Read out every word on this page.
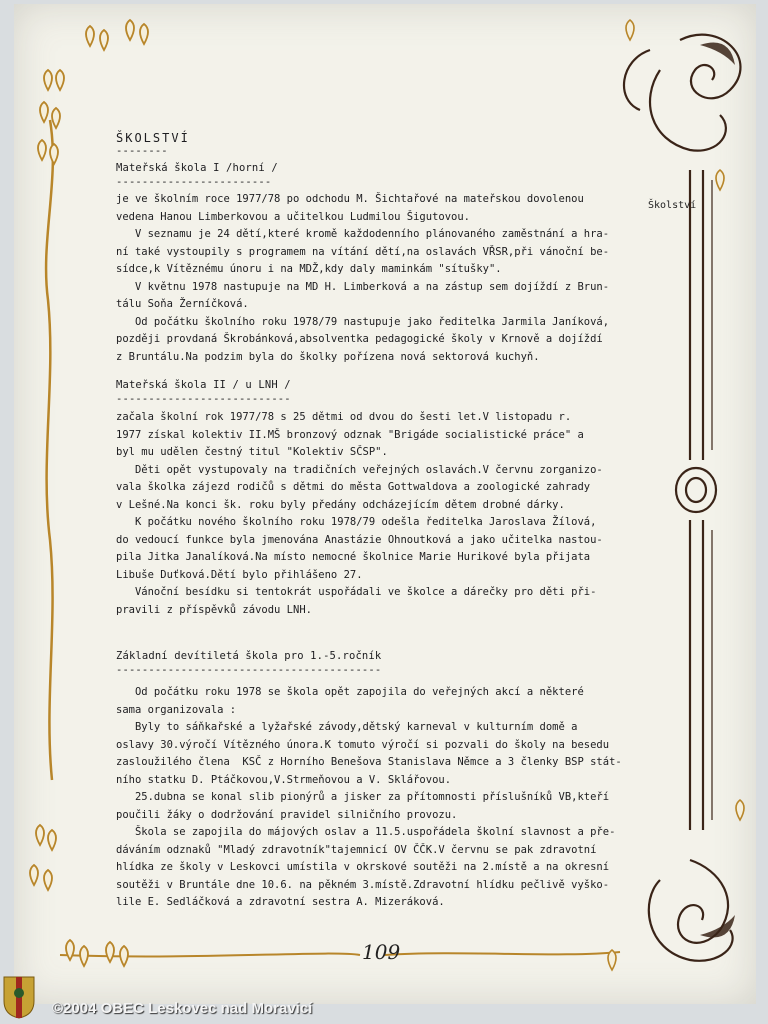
ŠKOLSTVÍ
--------
Školství
Mateřská škola I /horní /
------------------------
je ve školním roce 1977/78 po odchodu M. Šichtařové na mateřskou dovolenou
vedena Hanou Limberkovou a učitelkou Ludmilou Šigutovou.
V seznamu je 24 dětí,které kromě každodenního plánovaného zaměstnání a hra-
ní také vystoupily s programem na vítání dětí,na oslavách VŘSR,při vánoční be-
sídce,k Vítěznému únoru i na MDŽ,kdy daly maminkám "sítušky".
V květnu 1978 nastupuje na MD H. Limberková a na zástup sem dojíždí z Brun-
tálu Soňa Žerníčková.
Od počátku školního roku 1978/79 nastupuje jako ředitelka Jarmila Janíková,
později provdaná Škrobánková,absolventka pedagogické školy v Krnově a dojíždí
z Bruntálu.Na podzim byla do školky pořízena nová sektorová kuchyň.
Mateřská škola II / u LNH /
---------------------------
začala školní rok 1977/78 s 25 dětmi od dvou do šesti let.V listopadu r.
1977 získal kolektiv II.MŠ bronzový odznak "Brigáde socialistické práce" a
byl mu udělen čestný titul "Kolektiv SČSP".
Děti opět vystupovaly na tradičních veřejných oslavách.V červnu zorganizo-
vala školka zájezd rodičů s dětmi do města Gottwaldova a zoologické zahrady
v Lešné.Na konci šk. roku byly předány odcházejícím dětem drobné dárky.
K počátku nového školního roku 1978/79 odešla ředitelka Jaroslava Žílová,
do vedoucí funkce byla jmenována Anastázie Ohnoutková a jako učitelka nastou-
pila Jitka Janalíková.Na místo nemocné školnice Marie Hurikové byla přijata
Libuše Duťková.Dětí bylo přihlášeno 27.
Vánoční besídku si tentokrát uspořádali ve školce a dárečky pro děti při-
pravili z příspěvků závodu LNH.
Základní devítiletá škola pro 1.-5.ročník
-----------------------------------------
Od počátku roku 1978 se škola opět zapojila do veřejných akcí a některé
sama organizovala :
Byly to sáňkařské a lyžařské závody,dětský karneval v kulturním domě a
oslavy 30.výročí Vítězného února.K tomuto výročí si pozvali do školy na besedu
zasloužilého člena  KSČ z Horního Benešova Stanislava Němce a 3 členky BSP stát-
ního statku D. Ptáčkovou,V.Strmeňovou a V. Sklářovou.
25.dubna se konal slib pionýrů a jisker za přítomnosti příslušníků VB,kteří
poučili žáky o dodržování pravidel silničního provozu.
Škola se zapojila do májových oslav a 11.5.uspořádela školní slavnost a pře-
dáváním odznaků "Mladý zdravotník"tajemnicí OV ČČK.V červnu se pak zdravotní
hlídka ze školy v Leskovci umístila v okrskové soutěži na 2.místě a na okresní
soutěži v Bruntále dne 10.6. na pěkném 3.místě.Zdravotní hlídku pečlivě vyško-
lile E. Sedláčková a zdravotní sestra A. Mizeráková.
109
©2004 OBEC Leskovec nad Moravicí
